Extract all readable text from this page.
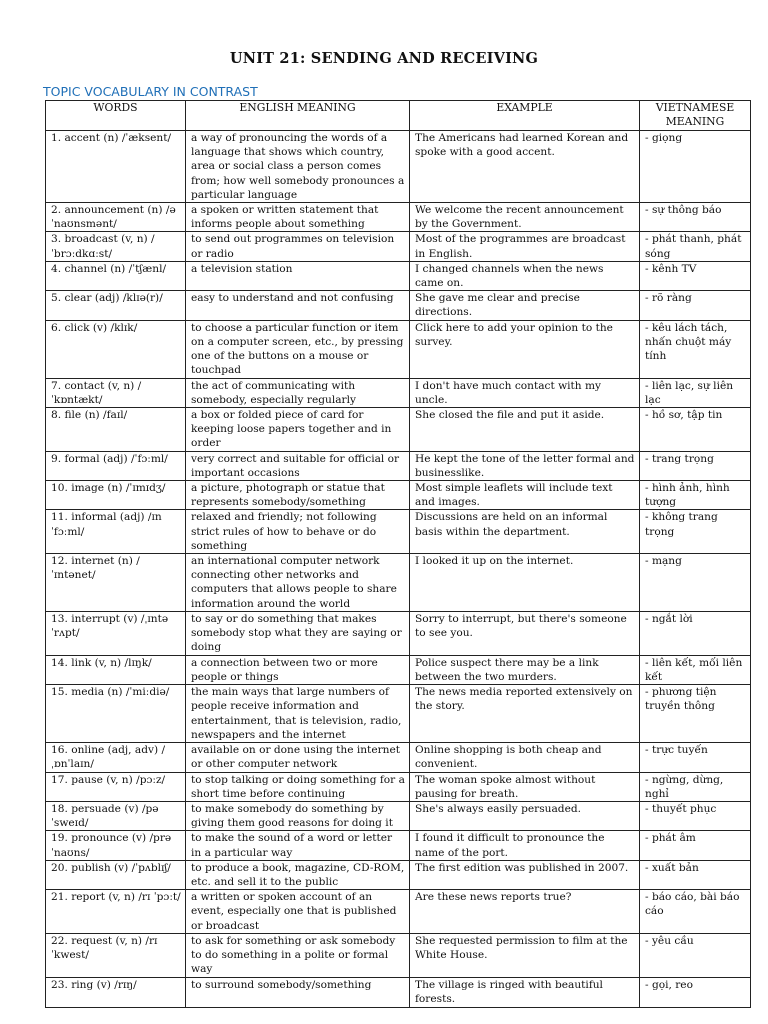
UNIT 21: SENDING AND RECEIVING
TOPIC VOCABULARY IN CONTRAST
WORDS	ENGLISH MEANING	EXAMPLE	VIETNAMESE MEANING
1. accent (n) /ˈæksent/	a way of pronouncing the words of a language that shows which country, area or social class a person comes from; how well somebody pronounces a particular language	The Americans had learned Korean and spoke with a good accent.	- giọng
2. announcement (n) /əˈnaʊnsmənt/	a spoken or written statement that informs people about something	We welcome the recent announcement by the Government.	- sự thông báo
3. broadcast (v, n) /ˈbrɔːdkɑːst/	to send out programmes on television or radio	Most of the programmes are broadcast in English.	- phát thanh, phát sóng
4. channel (n) /ˈtʃænl/	a television station	I changed channels when the news came on.	- kênh TV
5. clear (adj) /klɪə(r)/	easy to understand and not confusing	She gave me clear and precise directions.	- rõ ràng
6. click (v) /klɪk/	to choose a particular function or item on a computer screen, etc., by pressing one of the buttons on a mouse or touchpad	Click here to add your opinion to the survey.	- kêu lách tách, nhấn chuột máy tính
7. contact (v, n) /ˈkɒntækt/	the act of communicating with somebody, especially regularly	I don't have much contact with my uncle.	- liên lạc, sự liên lạc
8. file (n) /faɪl/	a box or folded piece of card for keeping loose papers together and in order	She closed the file and put it aside.	- hồ sơ, tập tin
9. formal (adj) /ˈfɔːml/	very correct and suitable for official or important occasions	He kept the tone of the letter formal and businesslike.	- trang trọng
10. image (n) /ˈɪmɪdʒ/	a picture, photograph or statue that represents somebody/something	Most simple leaflets will include text and images.	- hình ảnh, hình tượng
11. informal (adj) /ɪn ˈfɔːml/	relaxed and friendly; not following strict rules of how to behave or do something	Discussions are held on an informal basis within the department.	- không trang trọng
12. internet (n) /ˈɪntənet/	an international computer network connecting other networks and computers that allows people to share information around the world	I looked it up on the internet.	- mạng
13. interrupt (v) /ˌɪntə ˈrʌpt/	to say or do something that makes somebody stop what they are saying or doing	Sorry to interrupt, but there's someone to see you.	- ngắt lời
14. link (v, n) /lɪŋk/	a connection between two or more people or things	Police suspect there may be a link between the two murders.	- liên kết, mối liên kết
15. media (n) /ˈmiːdiə/	the main ways that large numbers of people receive information and entertainment, that is television, radio, newspapers and the internet	The news media reported extensively on the story.	- phương tiện truyền thông
16. online (adj, adv) /ˌɒnˈlaɪn/	available on or done using the internet or other computer network	Online shopping is both cheap and convenient.	- trực tuyến
17. pause (v, n) /pɔːz/	to stop talking or doing something for a short time before continuing	The woman spoke almost without pausing for breath.	- ngừng, dừng, nghỉ
18. persuade (v) /pə ˈsweɪd/	to make somebody do something by giving them good reasons for doing it	She's always easily persuaded.	- thuyết phục
19. pronounce (v) /prəˈnaʊns/	to make the sound of a word or letter in a particular way	I found it difficult to pronounce the name of the port.	- phát âm
20. publish (v) /ˈpʌblɪʃ/	to produce a book, magazine, CD-ROM, etc. and sell it to the public	The first edition was published in 2007.	- xuất bản
21. report (v, n) /rɪ ˈpɔːt/	a written or spoken account of an event, especially one that is published or broadcast	Are these news reports true?	- báo cáo, bài báo cáo
22. request (v, n) /rɪ ˈkwest/	to ask for something or ask somebody to do something in a polite or formal way	She requested permission to film at the White House.	- yêu cầu
23. ring (v) /rɪŋ/	to surround somebody/something	The village is ringed with beautiful forests.	- gọi, reo
